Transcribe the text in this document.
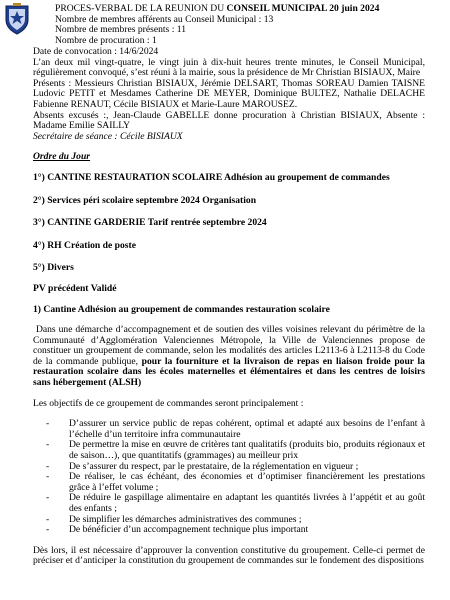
PROCES-VERBAL DE LA REUNION DU CONSEIL MUNICIPAL 20 juin 2024
Nombre de membres afférents au Conseil Municipal : 13
Nombre de membres présents : 11
Nombre de procuration : 1

Date de convocation : 14/6/2024

L’an deux mil vingt-quatre, le vingt juin à dix-huit heures trente minutes, le Conseil Municipal, régulièrement convoqué, s’est réuni à la mairie, sous la présidence de Mr Christian BISIAUX, Maire

Présents : Messieurs Christian BISIAUX, Jérémie DELSART, Thomas SOREAU Damien TAISNE Ludovic PETIT et Mesdames Catherine DE MEYER, Dominique BULTEZ, Nathalie DELACHE Fabienne RENAUT, Cécile BISIAUX et Marie-Laure MAROUSEZ.

Absents excusés :, Jean-Claude GABELLE donne procuration à Christian BISIAUX, Absente : Madame Emilie SAILLY

Secrétaire de séance : Cécile BISIAUX

Ordre du Jour

1°) CANTINE RESTAURATION SCOLAIRE Adhésion au groupement de commandes

2°) Services péri scolaire septembre 2024 Organisation

3°) CANTINE GARDERIE Tarif rentrée septembre 2024

4°) RH Création de poste

5°) Divers

PV précédent Validé

1) Cantine Adhésion au groupement de commandes restauration scolaire

Dans une démarche d’accompagnement et de soutien des villes voisines relevant du périmètre de la Communauté d’Agglomération Valenciennes Métropole, la Ville de Valenciennes propose de constituer un groupement de commande, selon les modalités des articles L2113-6 à L2113-8 du Code de la commande publique, pour la fourniture et la livraison de repas en liaison froide pour la restauration scolaire dans les écoles maternelles et élémentaires et dans les centres de loisirs sans hébergement (ALSH)

Les objectifs de ce groupement de commandes seront principalement :

- D’assurer un service public de repas cohérent, optimal et adapté aux besoins de l’enfant à l’échelle d’un territoire infra communautaire
- De permettre la mise en œuvre de critères tant qualitatifs (produits bio, produits régionaux et de saison…), que quantitatifs (grammages) au meilleur prix
- De s’assurer du respect, par le prestataire, de la réglementation en vigueur ;
- De réaliser, le cas échéant, des économies et d’optimiser financièrement les prestations grâce à l’effet volume ;
- De réduire le gaspillage alimentaire en adaptant les quantités livrées à l’appétit et au goût des enfants ;
- De simplifier les démarches administratives des communes ;
- De bénéficier d’un accompagnement technique plus important

Dès lors, il est nécessaire d’approuver la convention constitutive du groupement. Celle-ci permet de préciser et d’anticiper la constitution du groupement de commandes sur le fondement des dispositions
